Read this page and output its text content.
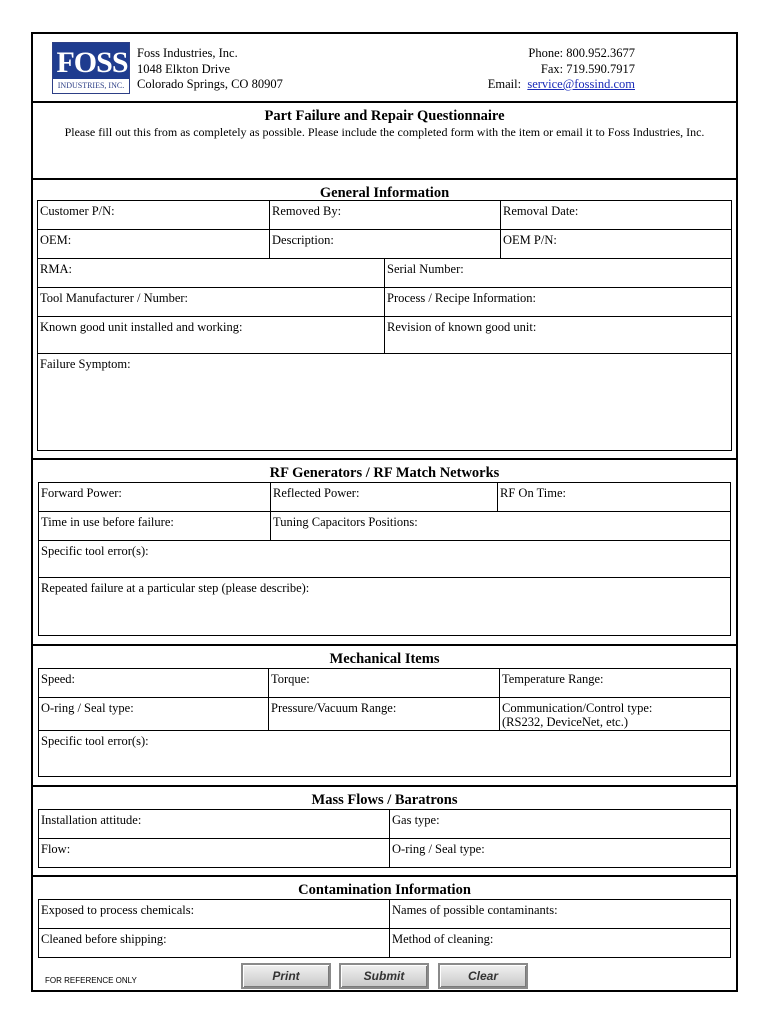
FOSS
INDUSTRIES, INC.
Foss Industries, Inc.
1048 Elkton Drive
Colorado Springs, CO 80907
Phone: 800.952.3677
Fax: 719.590.7917
Email: service@fossind.com
Part Failure and Repair Questionnaire
Please fill out this from as completely as possible. Please include the completed form with the item or email it to Foss Industries, Inc.
General Information
Customer P/N:	Removed By:	Removal Date:
OEM:	Description:	OEM P/N:
RMA:	Serial Number:
Tool Manufacturer / Number:	Process / Recipe Information:
Known good unit installed and working:	Revision of known good unit:
Failure Symptom:
RF Generators / RF Match Networks
Forward Power:	Reflected Power:	RF On Time:
Time in use before failure:	Tuning Capacitors Positions:
Specific tool error(s):
Repeated failure at a particular step (please describe):
Mechanical Items
Speed:	Torque:	Temperature Range:
O-ring / Seal type:	Pressure/Vacuum Range:	Communication/Control type:
(RS232, DeviceNet, etc.)
Specific tool error(s):
Mass Flows / Baratrons
Installation attitude:	Gas type:
Flow:	O-ring / Seal type:
Contamination Information
Exposed to process chemicals:	Names of possible contaminants:
Cleaned before shipping:	Method of cleaning:
FOR REFERENCE ONLY	Print	Submit	Clear
